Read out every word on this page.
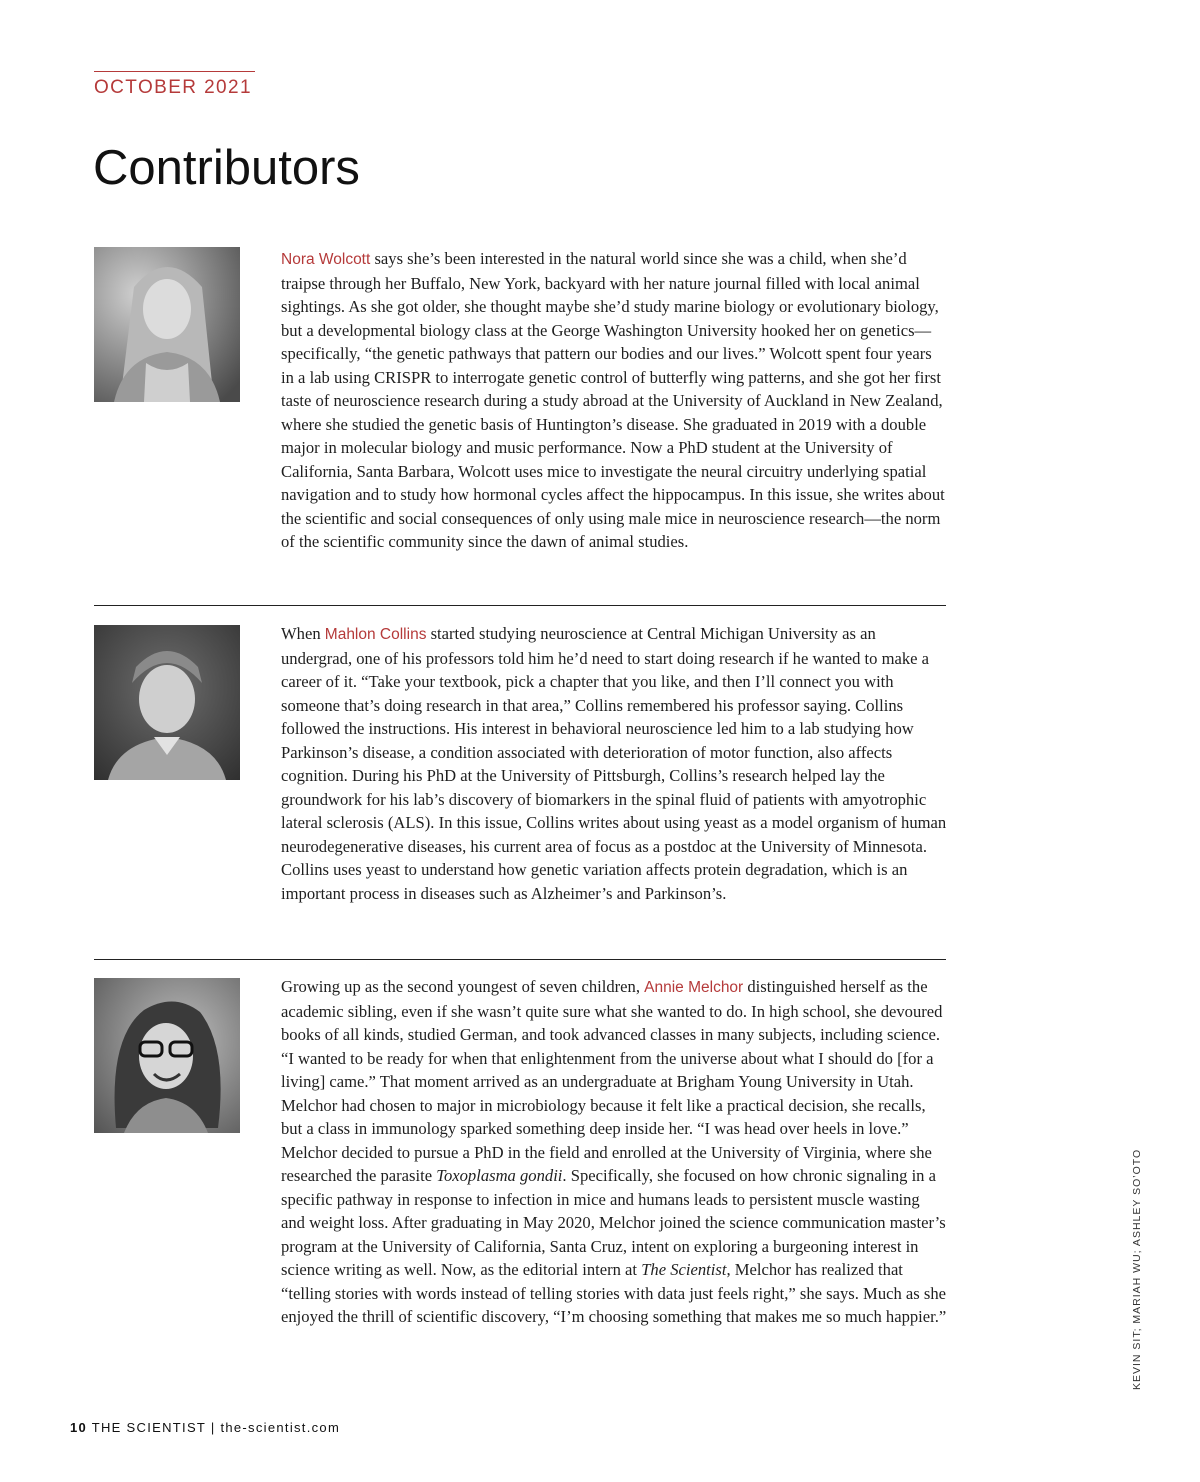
OCTOBER 2021
Contributors

Nora Wolcott says she’s been interested in the natural world since she was a child, when she’d traipse through her Buffalo, New York, backyard with her nature journal filled with local animal sightings. As she got older, she thought maybe she’d study marine biology or evolutionary biology, but a developmental biology class at the George Washington University hooked her on genetics—specifically, “the genetic pathways that pattern our bodies and our lives.” Wolcott spent four years in a lab using CRISPR to interrogate genetic control of butterfly wing patterns, and she got her first taste of neuroscience research during a study abroad at the University of Auckland in New Zealand, where she studied the genetic basis of Huntington’s disease. She graduated in 2019 with a double major in molecular biology and music performance. Now a PhD student at the University of California, Santa Barbara, Wolcott uses mice to investigate the neural circuitry underlying spatial navigation and to study how hormonal cycles affect the hippocampus. In this issue, she writes about the scientific and social consequences of only using male mice in neuroscience research—the norm of the scientific community since the dawn of animal studies.

When Mahlon Collins started studying neuroscience at Central Michigan University as an undergrad, one of his professors told him he’d need to start doing research if he wanted to make a career of it. “Take your textbook, pick a chapter that you like, and then I’ll connect you with someone that’s doing research in that area,” Collins remembered his professor saying. Collins followed the instructions. His interest in behavioral neuroscience led him to a lab studying how Parkinson’s disease, a condition associated with deterioration of motor function, also affects cognition. During his PhD at the University of Pittsburgh, Collins’s research helped lay the groundwork for his lab’s discovery of biomarkers in the spinal fluid of patients with amyotrophic lateral sclerosis (ALS). In this issue, Collins writes about using yeast as a model organism of human neurodegenerative diseases, his current area of focus as a postdoc at the University of Minnesota. Collins uses yeast to understand how genetic variation affects protein degradation, which is an important process in diseases such as Alzheimer’s and Parkinson’s.

Growing up as the second youngest of seven children, Annie Melchor distinguished herself as the academic sibling, even if she wasn’t quite sure what she wanted to do. In high school, she devoured books of all kinds, studied German, and took advanced classes in many subjects, including science. “I wanted to be ready for when that enlightenment from the universe about what I should do [for a living] came.” That moment arrived as an undergraduate at Brigham Young University in Utah. Melchor had chosen to major in microbiology because it felt like a practical decision, she recalls, but a class in immunology sparked something deep inside her. “I was head over heels in love.” Melchor decided to pursue a PhD in the field and enrolled at the University of Virginia, where she researched the parasite Toxoplasma gondii. Specifically, she focused on how chronic signaling in a specific pathway in response to infection in mice and humans leads to persistent muscle wasting and weight loss. After graduating in May 2020, Melchor joined the science communication master’s program at the University of California, Santa Cruz, intent on exploring a burgeoning interest in science writing as well. Now, as the editorial intern at The Scientist, Melchor has realized that “telling stories with words instead of telling stories with data just feels right,” she says. Much as she enjoyed the thrill of scientific discovery, “I’m choosing something that makes me so much happier.”	KEVIN SIT; MARIAH WU; ASHLEY SO’OTO
10 THE SCIENTIST | the-scientist.com
